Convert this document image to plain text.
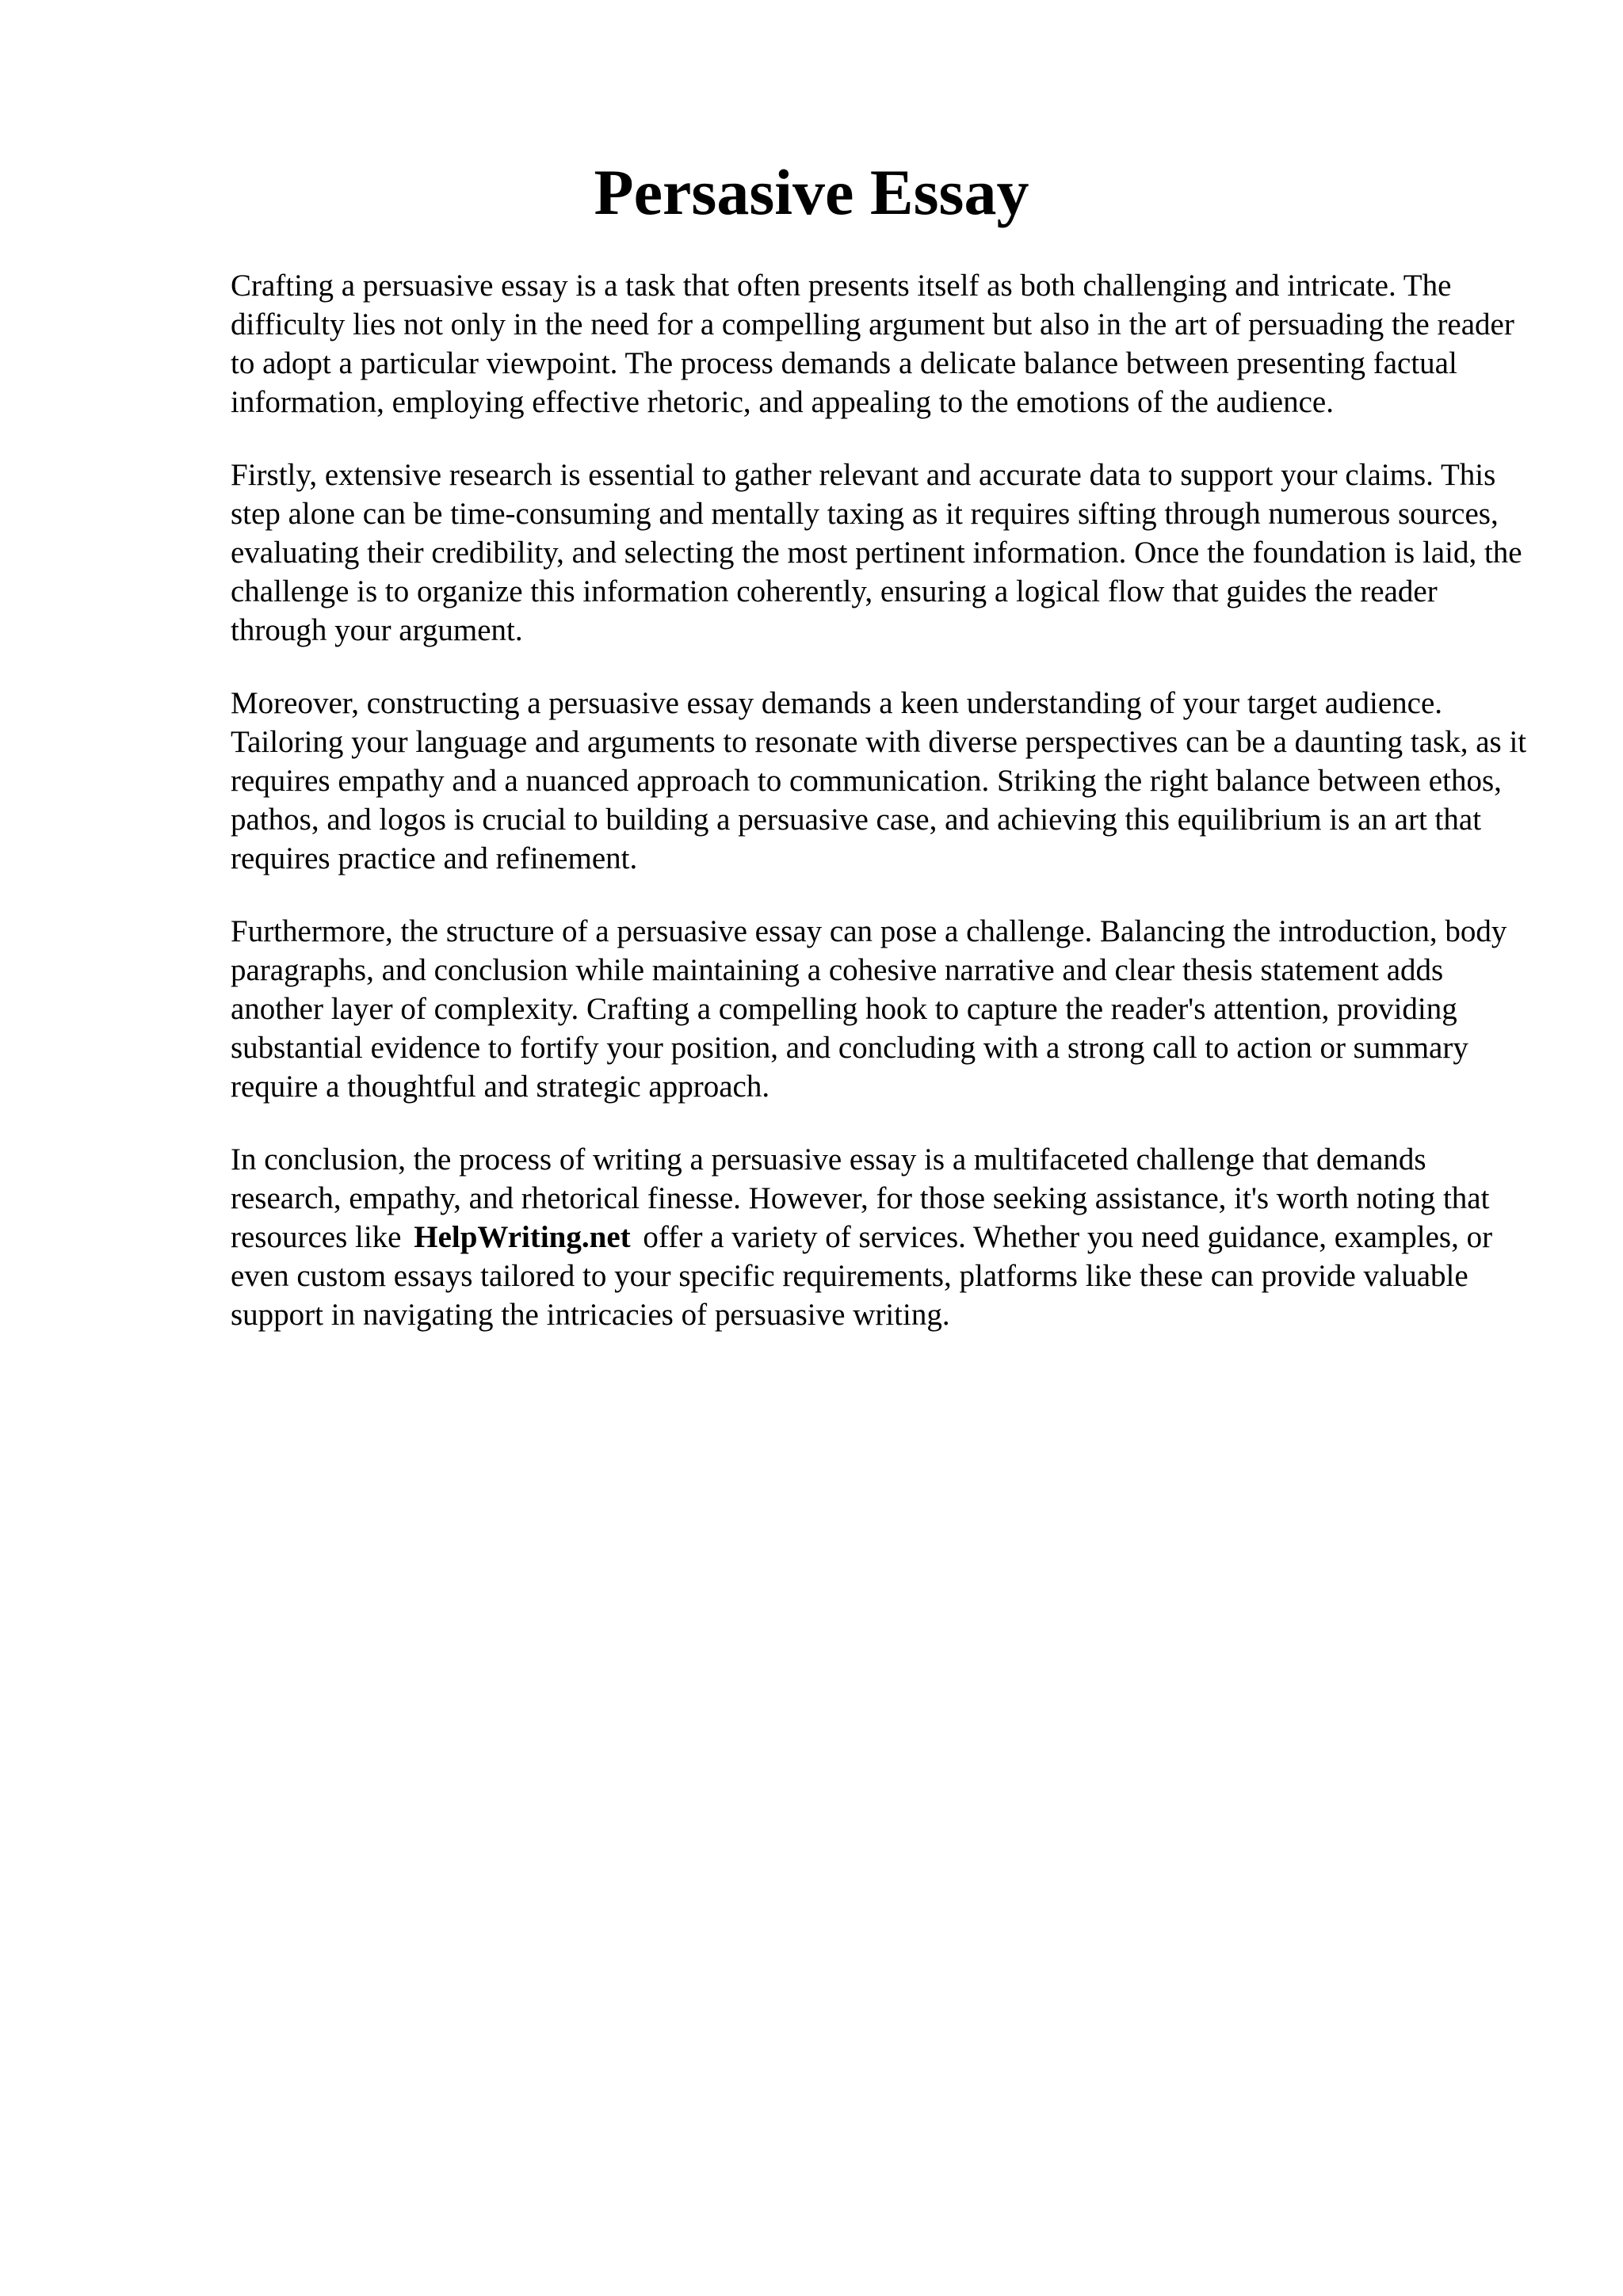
Persasive Essay

Crafting a persuasive essay is a task that often presents itself as both challenging and intricate. The difficulty lies not only in the need for a compelling argument but also in the art of persuading the reader to adopt a particular viewpoint. The process demands a delicate balance between presenting factual information, employing effective rhetoric, and appealing to the emotions of the audience.

Firstly, extensive research is essential to gather relevant and accurate data to support your claims. This step alone can be time-consuming and mentally taxing as it requires sifting through numerous sources, evaluating their credibility, and selecting the most pertinent information. Once the foundation is laid, the challenge is to organize this information coherently, ensuring a logical flow that guides the reader through your argument.

Moreover, constructing a persuasive essay demands a keen understanding of your target audience. Tailoring your language and arguments to resonate with diverse perspectives can be a daunting task, as it requires empathy and a nuanced approach to communication. Striking the right balance between ethos, pathos, and logos is crucial to building a persuasive case, and achieving this equilibrium is an art that requires practice and refinement.

Furthermore, the structure of a persuasive essay can pose a challenge. Balancing the introduction, body paragraphs, and conclusion while maintaining a cohesive narrative and clear thesis statement adds another layer of complexity. Crafting a compelling hook to capture the reader's attention, providing substantial evidence to fortify your position, and concluding with a strong call to action or summary require a thoughtful and strategic approach.

In conclusion, the process of writing a persuasive essay is a multifaceted challenge that demands research, empathy, and rhetorical finesse. However, for those seeking assistance, it's worth noting that resources like HelpWriting.net offer a variety of services. Whether you need guidance, examples, or even custom essays tailored to your specific requirements, platforms like these can provide valuable support in navigating the intricacies of persuasive writing.
